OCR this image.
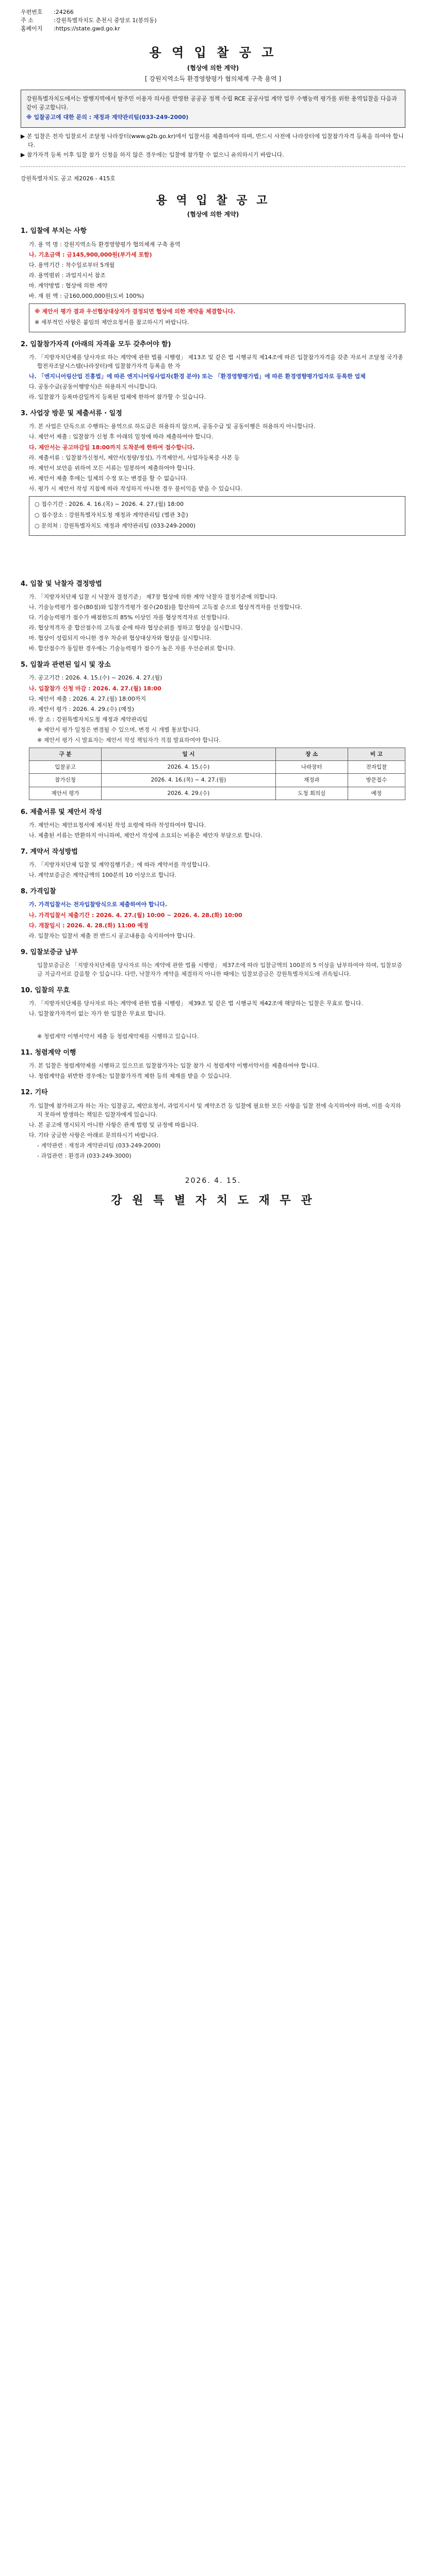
우편번호	: 24266
주 소	: 강원특별자치도 춘천시 중앙로 1(봉의동)
홈페이지	: https://state.gwd.go.kr
용 역 입 찰 공 고
(협상에 의한 계약)
[ 강원지역소득 환경영향평가 협의체계 구축 용역 ]

강원특별자치도에서는 발행지역에서 탈주민 이용자 의사를 반영한 공공공 정책 수립 RCE 공공사업 계약 업무 수행능력 평가를 위한 용역입찰을 다음과 같이 공고합니다.

※ 입찰공고에 대한 문의 : 재정과 계약관리팀(033-249-2000)

▶ 본 입찰은 전자 입찰로서 조달청 나라장터(www.g2b.go.kr)에서 입찰서를 제출하여야 하며, 반드시 사전에 나라장터에 입찰참가자격 등록을 하여야 합니다.

▶ 참가자격 등록 이후 입찰 참가 신청을 하지 않은 경우에는 입찰에 참가할 수 없으니 유의하시기 바랍니다.

강원특별자치도 공고 제2026 - 415호
용 역 입 찰 공 고
(협상에 의한 계약)
1. 입찰에 부치는 사항
가. 용 역 명 : 강원지역소득 환경영향평가 협의체계 구축 용역
나. 기초금액 : 금145,900,000원(부가세 포함)
다. 용역기간 : 착수일로부터 5개월
라. 용역범위 : 과업지시서 참조
마. 계약방법 : 협상에 의한 계약
바. 재 원 액 : 금160,000,000원(도비 100%)
※ 제안서 평가 결과 우선협상대상자가 결정되면 협상에 의한 계약을 체결합니다.
※ 세부적인 사항은 붙임의 제안요청서를 참고하시기 바랍니다.
2. 입찰참가자격 (아래의 자격을 모두 갖추어야 함)
가. 「지방자치단체를 당사자로 하는 계약에 관한 법률 시행령」 제13조 및 같은 법 시행규칙 제14조에 따른 입찰참가자격을 갖춘 자로서 조달청 국가종합전자조달시스템(나라장터)에 입찰참가자격 등록을 한 자
나. 「엔지니어링산업 진흥법」에 따른 엔지니어링사업자(환경 분야) 또는 「환경영향평가법」에 따른 환경영향평가업자로 등록한 업체
다. 공동수급(공동이행방식)은 허용하지 아니합니다.
라. 입찰참가 등록마감일까지 등록된 업체에 한하여 참가할 수 있습니다.
3. 사업장 방문 및 제출서류 · 일정
가. 본 사업은 단독으로 수행하는 용역으로 하도급은 허용하지 않으며, 공동수급 및 공동이행은 허용하지 아니합니다.
나. 제안서 제출 : 입찰참가 신청 후 아래의 일정에 따라 제출하여야 합니다.
다. 제안서는 공고마감일 18:00까지 도착분에 한하여 접수합니다.
라. 제출서류 : 입찰참가신청서, 제안서(정량/정성), 가격제안서, 사업자등록증 사본 등
마. 제안서 보안을 위하여 모든 서류는 밀봉하여 제출하여야 합니다.
바. 제안서 제출 후에는 일체의 수정 또는 변경을 할 수 없습니다.
사. 평가 시 제안서 작성 지침에 따라 작성하지 아니한 경우 불이익을 받을 수 있습니다.
○ 접수기간 : 2026. 4. 16.(목) ~ 2026. 4. 27.(월) 18:00
○ 접수장소 : 강원특별자치도청 재정과 계약관리팀 (별관 3층)
○ 문의처 : 강원특별자치도 재정과 계약관리팀 (033-249-2000)
4. 입찰 및 낙찰자 결정방법
가. 「지방자치단체 입찰 시 낙찰자 결정기준」 제7장 협상에 의한 계약 낙찰자 결정기준에 의합니다.
나. 기술능력평가 점수(80점)와 입찰가격평가 점수(20점)를 합산하여 고득점 순으로 협상적격자를 선정합니다.
다. 기술능력평가 점수가 배점한도의 85% 이상인 자를 협상적격자로 선정합니다.
라. 협상적격자 중 합산점수의 고득점 순에 따라 협상순위를 정하고 협상을 실시합니다.
마. 협상이 성립되지 아니한 경우 차순위 협상대상자와 협상을 실시합니다.
바. 합산점수가 동일한 경우에는 기술능력평가 점수가 높은 자를 우선순위로 합니다.
5. 입찰과 관련된 일시 및 장소
가. 공고기간 : 2026. 4. 15.(수) ~ 2026. 4. 27.(월)
나. 입찰참가 신청 마감 : 2026. 4. 27.(월) 18:00
다. 제안서 제출 : 2026. 4. 27.(월) 18:00까지
라. 제안서 평가 : 2026. 4. 29.(수) (예정)
마. 장 소 : 강원특별자치도청 재정과 계약관리팀
※ 제안서 평가 일정은 변경될 수 있으며, 변경 시 개별 통보합니다.
※ 제안서 평가 시 발표자는 제안서 작성 책임자가 직접 발표하여야 합니다.
구 분	일 시	장 소	비 고
입찰공고	2026. 4. 15.(수)	나라장터	전자입찰
참가신청	2026. 4. 16.(목) ~ 4. 27.(월)	재정과	방문접수
제안서 평가	2026. 4. 29.(수)	도청 회의실	예정
6. 제출서류 및 제안서 작성
가. 제안서는 제안요청서에 제시된 작성 요령에 따라 작성하여야 합니다.
나. 제출된 서류는 반환하지 아니하며, 제안서 작성에 소요되는 비용은 제안자 부담으로 합니다.
7. 계약서 작성방법
가. 「지방자치단체 입찰 및 계약집행기준」에 따라 계약서를 작성합니다.
나. 계약보증금은 계약금액의 100분의 10 이상으로 합니다.
8. 가격입찰
가. 가격입찰서는 전자입찰방식으로 제출하여야 합니다.
나. 가격입찰서 제출기간 : 2026. 4. 27.(월) 10:00 ~ 2026. 4. 28.(화) 10:00
다. 개찰일시 : 2026. 4. 28.(화) 11:00 예정
라. 입찰자는 입찰서 제출 전 반드시 공고내용을 숙지하여야 합니다.
9. 입찰보증금 납부
입찰보증금은 「지방자치단체를 당사자로 하는 계약에 관한 법률 시행령」 제37조에 따라 입찰금액의 100분의 5 이상을 납부하여야 하며, 입찰보증금 지급각서로 갈음할 수 있습니다. 다만, 낙찰자가 계약을 체결하지 아니한 때에는 입찰보증금은 강원특별자치도에 귀속됩니다.
10. 입찰의 무효
가. 「지방자치단체를 당사자로 하는 계약에 관한 법률 시행령」 제39조 및 같은 법 시행규칙 제42조에 해당하는 입찰은 무효로 합니다.
나. 입찰참가자격이 없는 자가 한 입찰은 무효로 합니다.
※ 청렴계약 이행서약서 제출 등 청렴계약제를 시행하고 있습니다.
11. 청렴계약 이행
가. 본 입찰은 청렴계약제를 시행하고 있으므로 입찰참가자는 입찰 참가 시 청렴계약 이행서약서를 제출하여야 합니다.
나. 청렴계약을 위반한 경우에는 입찰참가자격 제한 등의 제재를 받을 수 있습니다.
12. 기타
가. 입찰에 참가하고자 하는 자는 입찰공고, 제안요청서, 과업지시서 및 계약조건 등 입찰에 필요한 모든 사항을 입찰 전에 숙지하여야 하며, 이를 숙지하지 못하여 발생하는 책임은 입찰자에게 있습니다.
나. 본 공고에 명시되지 아니한 사항은 관계 법령 및 규정에 따릅니다.
다. 기타 궁금한 사항은 아래로 문의하시기 바랍니다.
- 계약관련 : 재정과 계약관리팀 (033-249-2000)
- 과업관련 : 환경과 (033-249-3000)
2026. 4. 15.
강 원 특 별 자 치 도 재 무 관
